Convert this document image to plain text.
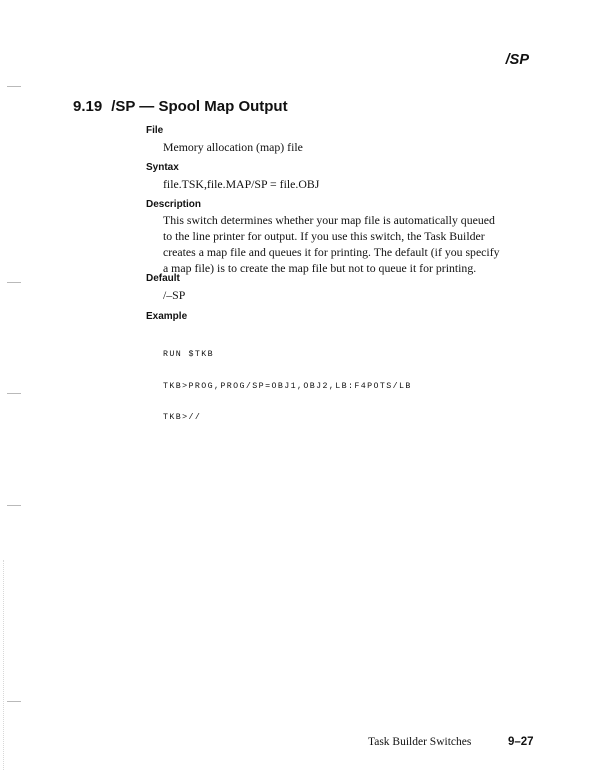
/SP
9.19 /SP — Spool Map Output
File
Memory allocation (map) file
Syntax
file.TSK,file.MAP/SP = file.OBJ
Description
This switch determines whether your map file is automatically queued
to the line printer for output. If you use this switch, the Task Builder
creates a map file and queues it for printing. The default (if you specify
a map file) is to create the map file but not to queue it for printing.
Default
/–SP
Example

RUN $TKB

TKB>PROG,PROG/SP=OBJ1,OBJ2,LB:F4POTS/LB

TKB>//

Task Builder Switches	9–27
